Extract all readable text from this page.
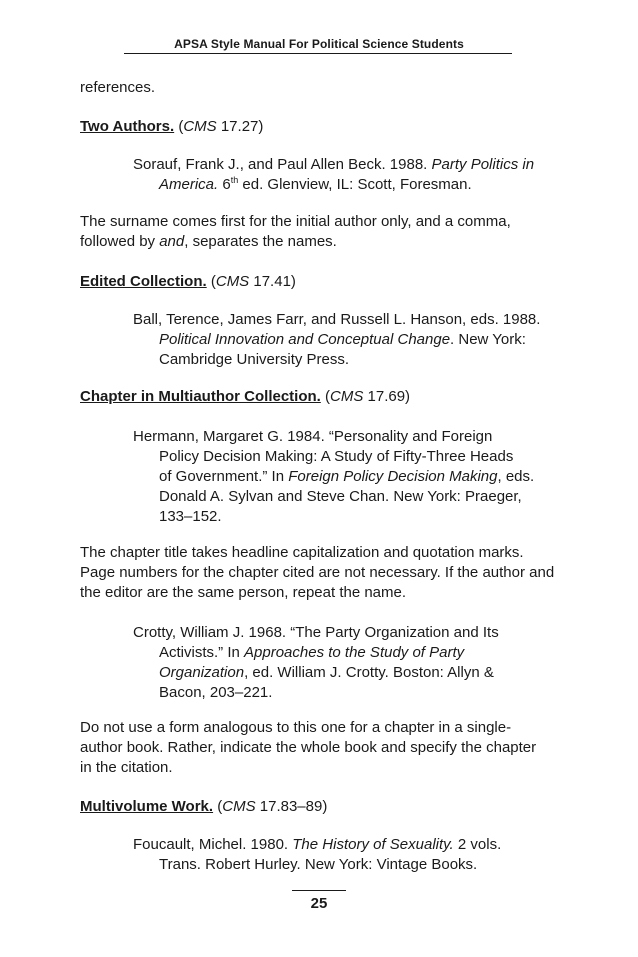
APSA Style Manual For Political Science Students
references.
Two Authors. (CMS 17.27)
Sorauf, Frank J., and Paul Allen Beck. 1988. Party Politics in
America. 6th ed. Glenview, IL: Scott, Foresman.
The surname comes first for the initial author only, and a comma,
followed by and, separates the names.
Edited Collection. (CMS 17.41)
Ball, Terence, James Farr, and Russell L. Hanson, eds. 1988.
Political Innovation and Conceptual Change. New York:
Cambridge University Press.
Chapter in Multiauthor Collection. (CMS 17.69)
Hermann, Margaret G. 1984. “Personality and Foreign
Policy Decision Making: A Study of Fifty-Three Heads
of Government.” In Foreign Policy Decision Making, eds.
Donald A. Sylvan and Steve Chan. New York: Praeger,
133–152.
The chapter title takes headline capitalization and quotation marks.
Page numbers for the chapter cited are not necessary. If the author and
the editor are the same person, repeat the name.
Crotty, William J. 1968. “The Party Organization and Its
Activists.” In Approaches to the Study of Party
Organization, ed. William J. Crotty. Boston: Allyn &
Bacon, 203–221.
Do not use a form analogous to this one for a chapter in a single-
author book. Rather, indicate the whole book and specify the chapter
in the citation.
Multivolume Work. (CMS 17.83–89)
Foucault, Michel. 1980. The History of Sexuality. 2 vols.
Trans. Robert Hurley. New York: Vintage Books.
25
